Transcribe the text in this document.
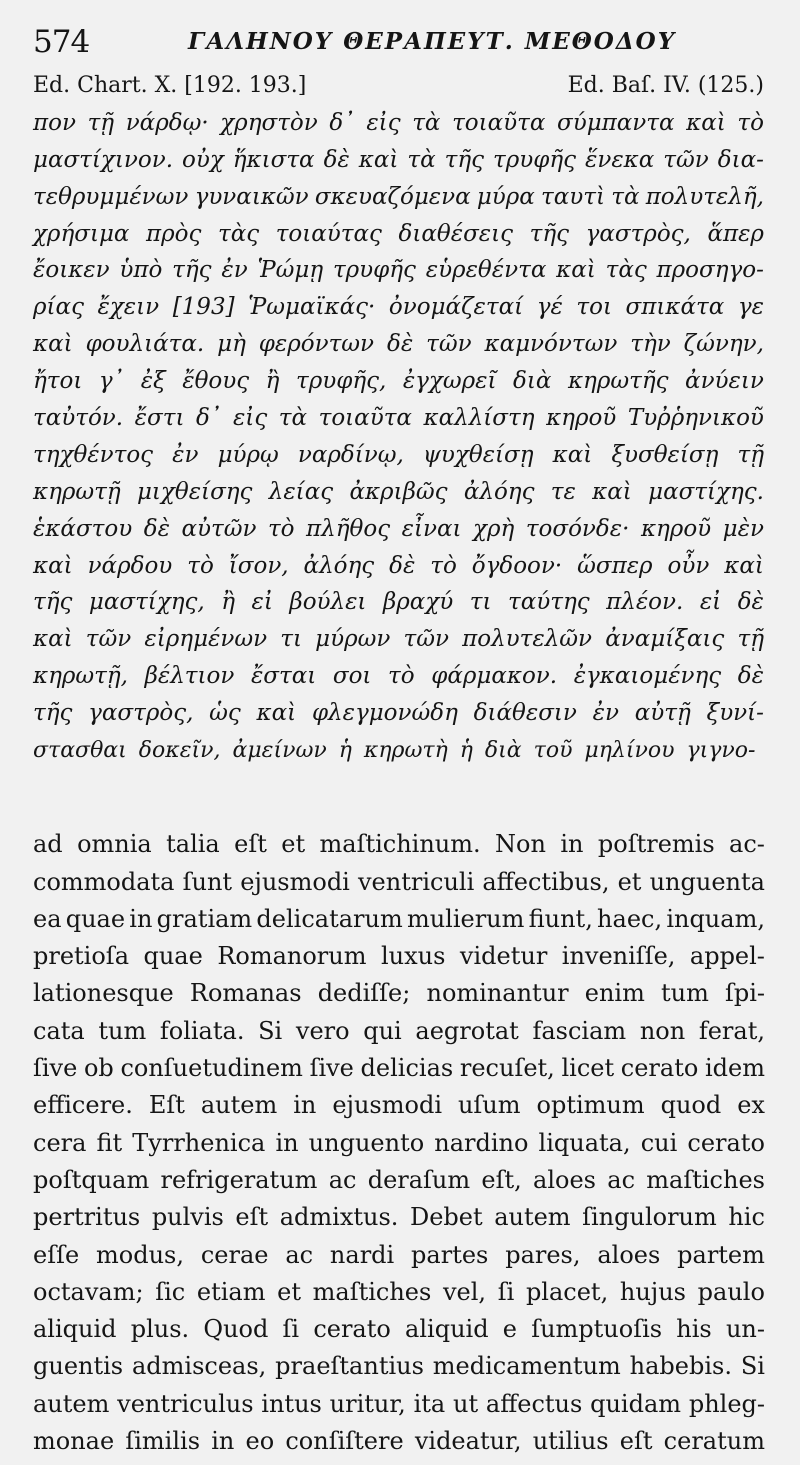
574	ΓΑΛΗΝΟΥ ΘΕΡΑΠΕΥΤ. ΜΕΘΟΔΟΥ
Ed. Chart. X. [192. 193.]	Ed. Baſ. IV. (125.)
πον τῇ νάρδῳ· χρηστὸν δ᾽ εἰς τὰ τοιαῦτα σύμπαντα καὶ τὸ
μαστίχινον. οὐχ ἥκιστα δὲ καὶ τὰ τῆς τρυφῆς ἕνεκα τῶν δια-
τεθρυμμένων γυναικῶν σκευαζόμενα μύρα ταυτὶ τὰ πολυτελῆ,
χρήσιμα πρὸς τὰς τοιαύτας διαθέσεις τῆς γαστρὸς, ἅπερ
ἔοικεν ὑπὸ τῆς ἐν Ῥώμῃ τρυφῆς εὑρεθέντα καὶ τὰς προσηγο-
ρίας ἔχειν [193] Ῥωμαϊκάς· ὀνομάζεταί γέ τοι σπικάτα γε
καὶ φουλιάτα. μὴ φερόντων δὲ τῶν καμνόντων τὴν ζώνην,
ἤτοι γ᾽ ἐξ ἔθους ἢ τρυφῆς, ἐγχωρεῖ διὰ κηρωτῆς ἀνύειν
ταὐτόν. ἔστι δ᾽ εἰς τὰ τοιαῦτα καλλίστη κηροῦ Τυῤῥηνικοῦ
τηχθέντος ἐν μύρῳ ναρδίνῳ, ψυχθείσῃ καὶ ξυσθείσῃ τῇ
κηρωτῇ μιχθείσης λείας ἀκριβῶς ἀλόης τε καὶ μαστίχης.
ἑκάστου δὲ αὐτῶν τὸ πλῆθος εἶναι χρὴ τοσόνδε· κηροῦ μὲν
καὶ νάρδου τὸ ἴσον, ἀλόης δὲ τὸ ὄγδοον· ὥσπερ οὖν καὶ
τῆς μαστίχης, ἢ εἰ βούλει βραχύ τι ταύτης πλέον. εἰ δὲ
καὶ τῶν εἰρημένων τι μύρων τῶν πολυτελῶν ἀναμίξαις τῇ
κηρωτῇ, βέλτιον ἔσται σοι τὸ φάρμακον. ἐγκαιομένης δὲ
τῆς γαστρὸς, ὡς καὶ φλεγμονώδη διάθεσιν ἐν αὐτῇ ξυνί-
στασθαι δοκεῖν, ἀμείνων ἡ κηρωτὴ ἡ διὰ τοῦ μηλίνου γιγνο-
ad omnia talia eſt et maſtichinum. Non in poſtremis ac-
commodata ſunt ejusmodi ventriculi affectibus, et unguenta
ea quae in gratiam delicatarum mulierum fiunt, haec, inquam,
pretioſa quae Romanorum luxus videtur inveniſſe, appel-
lationesque Romanas dediſſe; nominantur enim tum ſpi-
cata tum foliata. Si vero qui aegrotat fasciam non ferat,
ſive ob conſuetudinem ſive delicias recuſet, licet cerato idem
efficere. Eſt autem in ejusmodi uſum optimum quod ex
cera fit Tyrrhenica in unguento nardino liquata, cui cerato
poſtquam refrigeratum ac deraſum eſt, aloes ac maſtiches
pertritus pulvis eſt admixtus. Debet autem ſingulorum hic
eſſe modus, cerae ac nardi partes pares, aloes partem
octavam; ſic etiam et maſtiches vel, ſi placet, hujus paulo
aliquid plus. Quod ſi cerato aliquid e ſumptuoſis his un-
guentis admisceas, praeſtantius medicamentum habebis. Si
autem ventriculus intus uritur, ita ut affectus quidam phleg-
monae ſimilis in eo conſiſtere videatur, utilius eſt ceratum
